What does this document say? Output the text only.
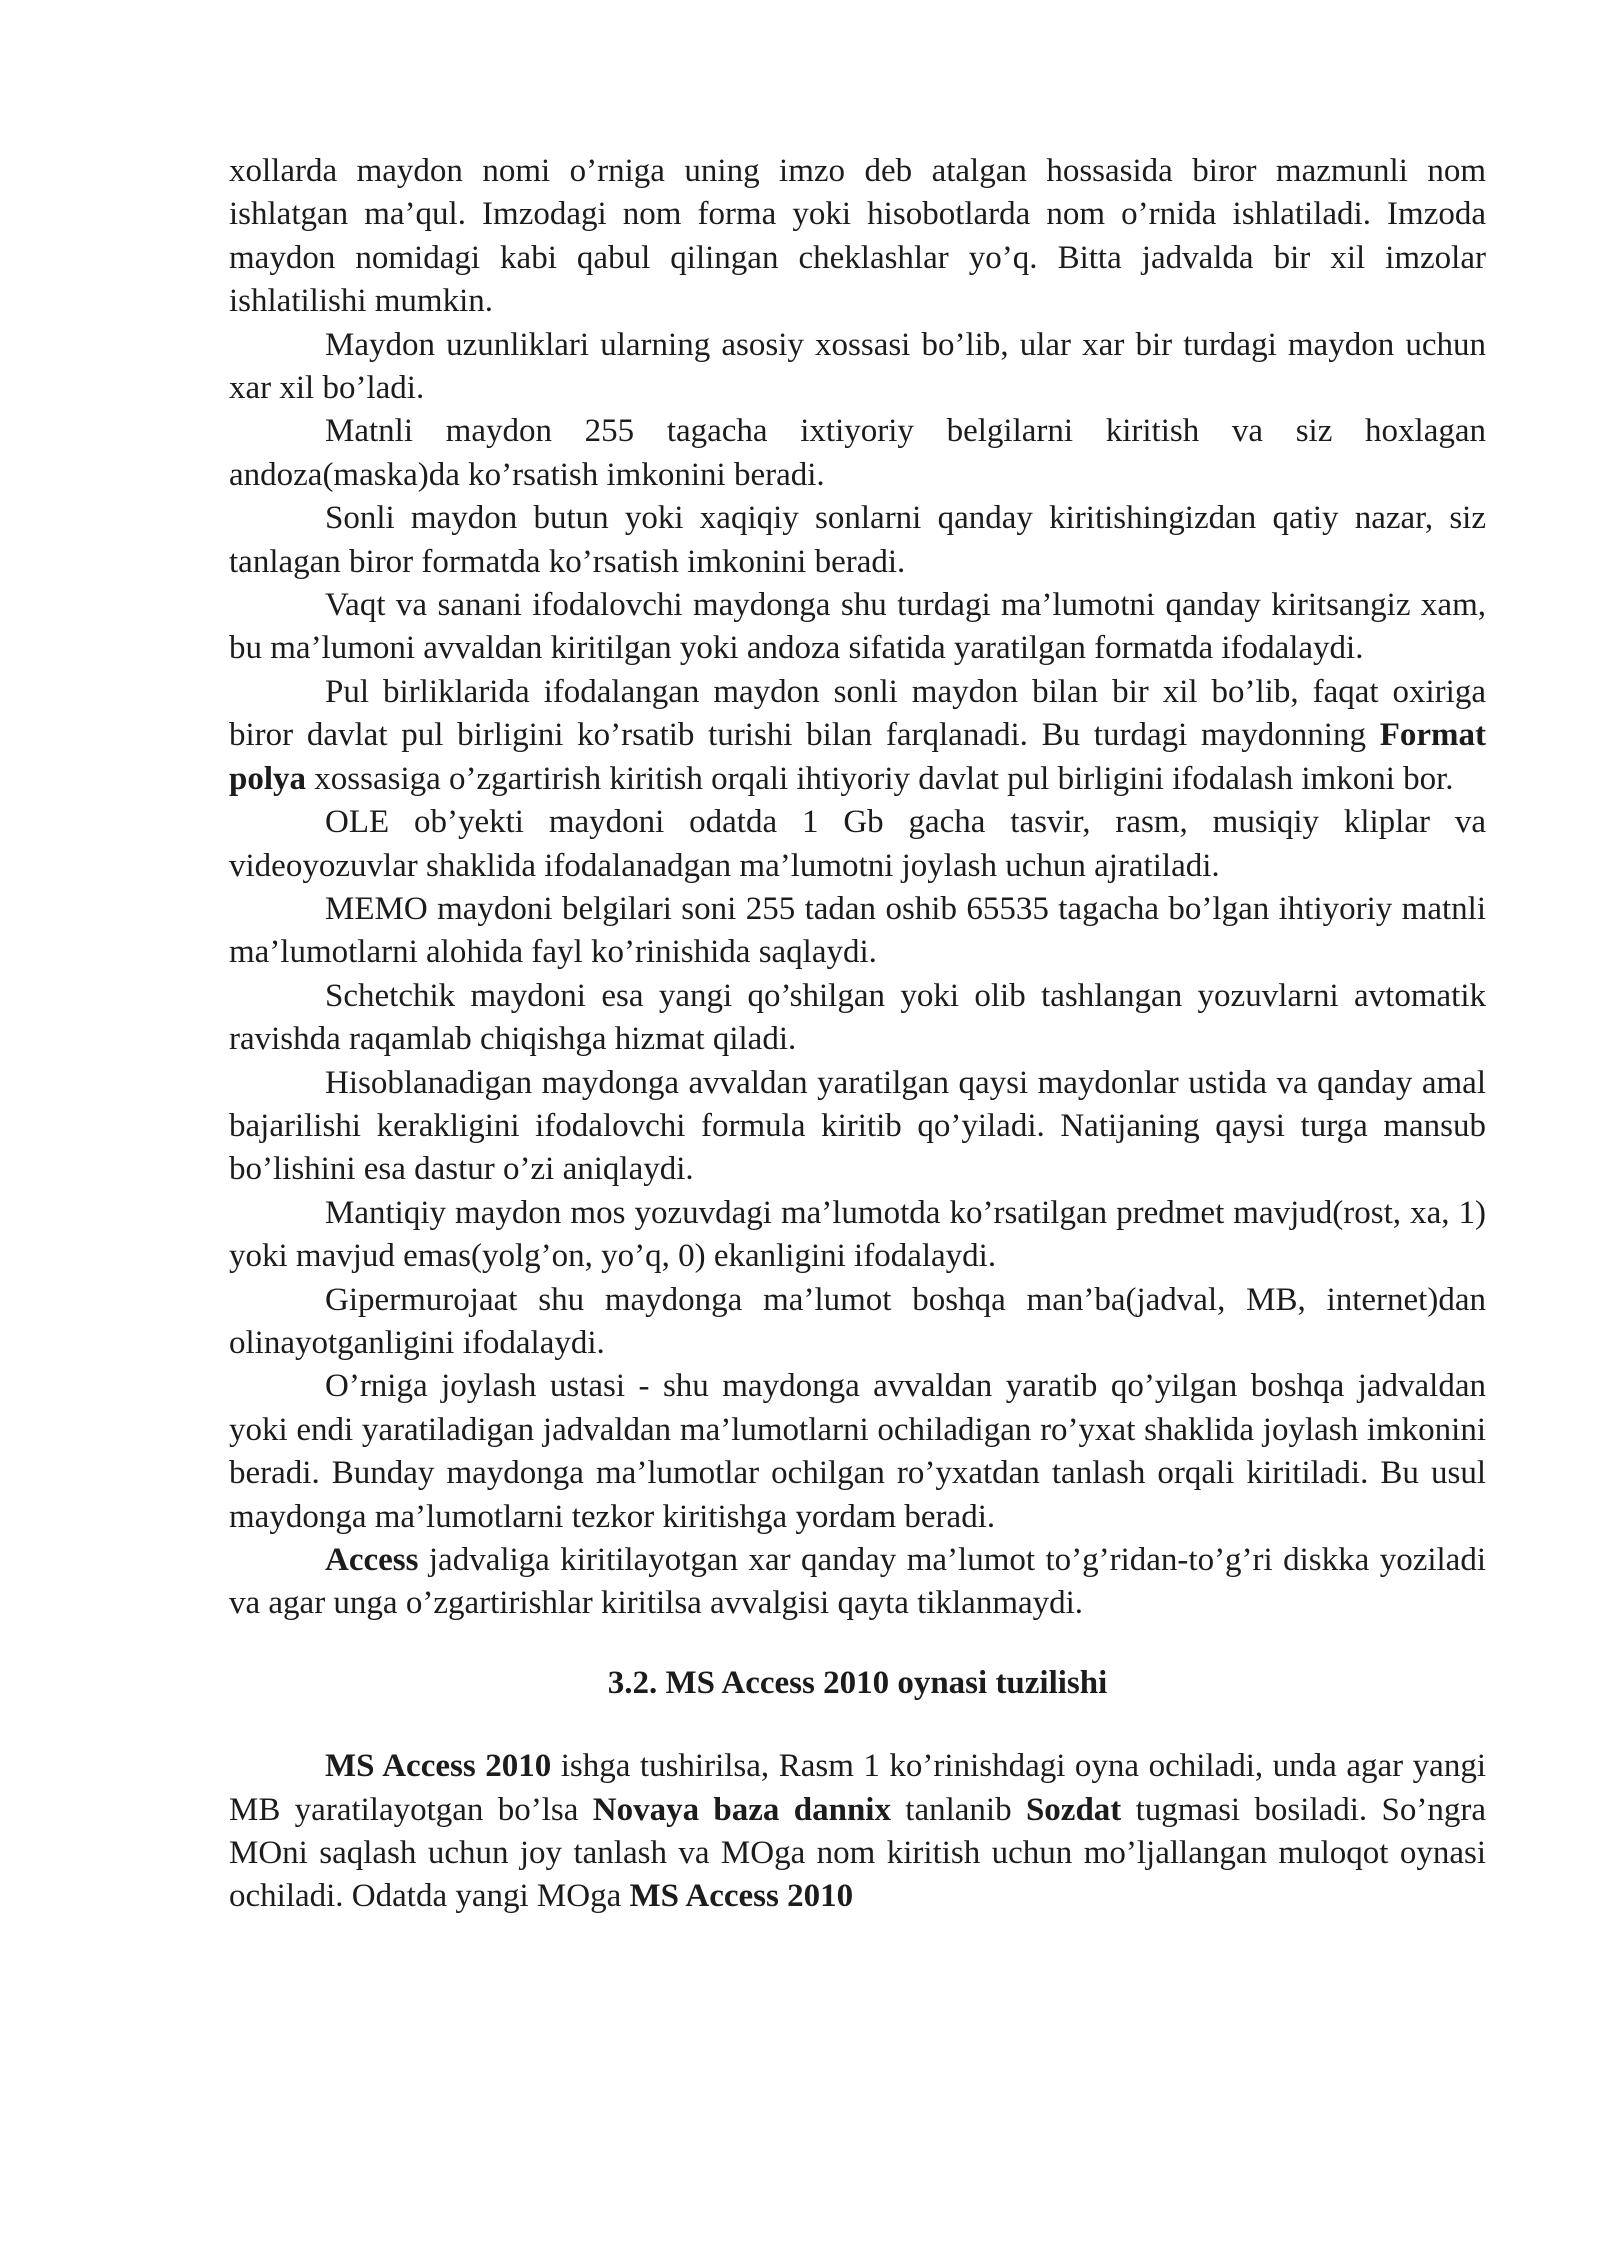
xollarda maydon nomi o’rniga uning imzo deb atalgan hossasida biror mazmunli nom ishlatgan ma’qul. Imzodagi nom forma yoki hisobotlarda nom o’rnida ishlatiladi. Imzoda maydon nomidagi kabi qabul qilingan cheklashlar yo’q. Bitta jadvalda bir xil imzolar ishlatilishi mumkin.

Maydon uzunliklari ularning asosiy xossasi bo’lib, ular xar bir turdagi maydon uchun xar xil bo’ladi.

Matnli maydon 255 tagacha ixtiyoriy belgilarni kiritish va siz hoxlagan andoza(maska)da ko’rsatish imkonini beradi.

Sonli maydon butun yoki xaqiqiy sonlarni qanday kiritishingizdan qatiy nazar, siz tanlagan biror formatda ko’rsatish imkonini beradi.

Vaqt va sanani ifodalovchi maydonga shu turdagi ma’lumotni qanday kiritsangiz xam, bu ma’lumoni avvaldan kiritilgan yoki andoza sifatida yaratilgan formatda ifodalaydi.

Pul birliklarida ifodalangan maydon sonli maydon bilan bir xil bo’lib, faqat oxiriga biror davlat pul birligini ko’rsatib turishi bilan farqlanadi. Bu turdagi maydonning Format polya xossasiga o’zgartirish kiritish orqali ihtiyoriy davlat pul birligini ifodalash imkoni bor.

OLE ob’yekti maydoni odatda 1 Gb gacha tasvir, rasm, musiqiy kliplar va videoyozuvlar shaklida ifodalanadgan ma’lumotni joylash uchun ajratiladi.

MEMO maydoni belgilari soni 255 tadan oshib 65535 tagacha bo’lgan ihtiyoriy matnli ma’lumotlarni alohida fayl ko’rinishida saqlaydi.

Schetchik maydoni esa yangi qo’shilgan yoki olib tashlangan yozuvlarni avtomatik ravishda raqamlab chiqishga hizmat qiladi.

Hisoblanadigan maydonga avvaldan yaratilgan qaysi maydonlar ustida va qanday amal bajarilishi kerakligini ifodalovchi formula kiritib qo’yiladi. Natijaning qaysi turga mansub bo’lishini esa dastur o’zi aniqlaydi.

Mantiqiy maydon mos yozuvdagi ma’lumotda ko’rsatilgan predmet mavjud(rost, xa, 1) yoki mavjud emas(yolg’on, yo’q, 0) ekanligini ifodalaydi.

Gipermurojaat shu maydonga ma’lumot boshqa man’ba(jadval, MB, internet)dan olinayotganligini ifodalaydi.

O’rniga joylash ustasi - shu maydonga avvaldan yaratib qo’yilgan boshqa jadvaldan yoki endi yaratiladigan jadvaldan ma’lumotlarni ochiladigan ro’yxat shaklida joylash imkonini beradi. Bunday maydonga ma’lumotlar ochilgan ro’yxatdan tanlash orqali kiritiladi. Bu usul maydonga ma’lumotlarni tezkor kiritishga yordam beradi.

Access jadvaliga kiritilayotgan xar qanday ma’lumot to’g’ridan-to’g’ri diskka yoziladi va agar unga o’zgartirishlar kiritilsa avvalgisi qayta tiklanmaydi.

3.2. MS Access 2010 oynasi tuzilishi

MS Access 2010 ishga tushirilsa, Rasm 1 ko’rinishdagi oyna ochiladi, unda agar yangi MB yaratilayotgan bo’lsa Novaya baza dannix tanlanib Sozdat tugmasi bosiladi. So’ngra MOni saqlash uchun joy tanlash va MOga nom kiritish uchun mo’ljallangan muloqot oynasi ochiladi. Odatda yangi MOga MS Access 2010
